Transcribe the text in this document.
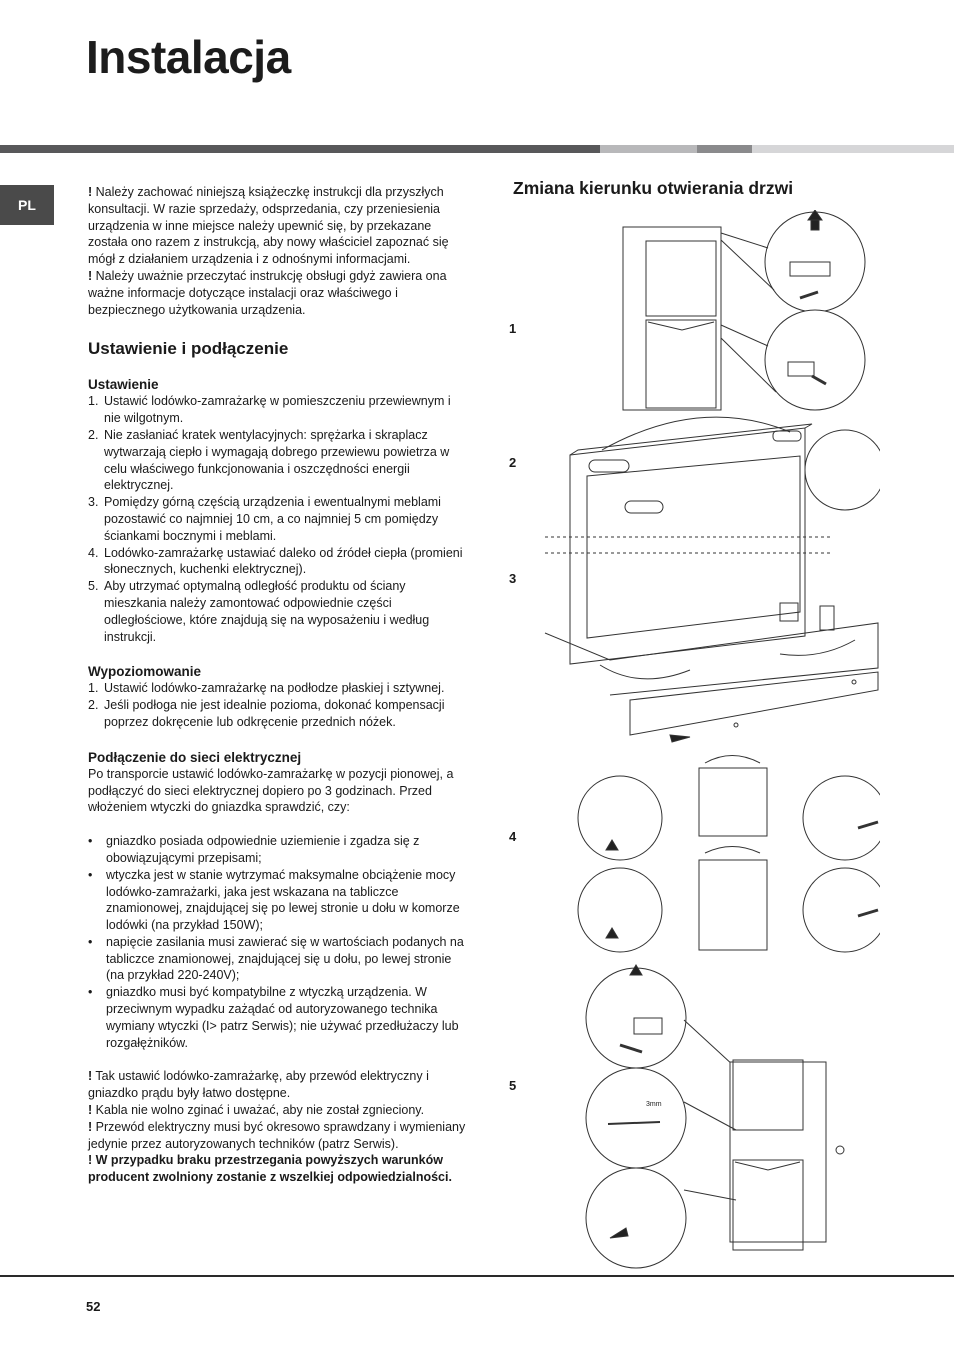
Instalacja
PL

! Należy zachować niniejszą książeczkę instrukcji dla przyszłych konsultacji. W razie sprzedaży, odsprzedania, czy przeniesienia urządzenia w inne miejsce należy upewnić się, by przekazane została ono razem z instrukcją, aby nowy właściciel zapoznać się mógł z działaniem urządzenia i z odnośnymi informacjami.

! Należy uważnie przeczytać instrukcję obsługi gdyż zawiera ona ważne informacje dotyczące instalacji oraz właściwego i bezpiecznego użytkowania urządzenia.

Ustawienie i podłączenie
Ustawienie
1. Ustawić lodówko-zamrażarkę w pomieszczeniu przewiewnym i nie wilgotnym.
2. Nie zasłaniać kratek wentylacyjnych: sprężarka i skraplacz wytwarzają ciepło i wymagają dobrego przewiewu powietrza w celu właściwego funkcjonowania i oszczędności energii elektrycznej.
3. Pomiędzy górną częścią urządzenia i ewentualnymi meblami pozostawić co najmniej 10 cm, a co najmniej 5 cm pomiędzy ściankami bocznymi i meblami.
4. Lodówko-zamrażarkę ustawiać daleko od źródeł ciepła (promieni słonecznych, kuchenki elektrycznej).
5. Aby utrzymać optymalną odległość produktu od ściany mieszkania należy zamontować odpowiednie części odległościowe, które znajdują się na wyposażeniu i według instrukcji.
Wypoziomowanie
1. Ustawić lodówko-zamrażarkę na podłodze płaskiej i sztywnej.
2. Jeśli podłoga nie jest idealnie pozioma, dokonać kompensacji poprzez dokręcenie lub odkręcenie przednich nóżek.
Podłączenie do sieci elektrycznej

Po transporcie ustawić lodówko-zamrażarkę w pozycji pionowej, a podłączyć do sieci elektrycznej dopiero po 3 godzinach. Przed włożeniem wtyczki do gniazdka sprawdzić, czy:

•	gniazdko posiada odpowiednie uziemienie i zgadza się z obowiązującymi przepisami;
•	wtyczka jest w stanie wytrzymać maksymalne obciążenie mocy lodówko-zamrażarki, jaka jest wskazana na tabliczce znamionowej, znajdującej się po lewej stronie u dołu w komorze lodówki (na przykład 150W);
•	napięcie zasilania musi zawierać się w wartościach podanych na tabliczce znamionowej, znajdującej się u dołu, po lewej stronie (na przykład 220-240V);
•	gniazdko musi być kompatybilne z wtyczką urządzenia. W przeciwnym wypadku zażądać od autoryzowanego technika wymiany wtyczki (I> patrz Serwis); nie używać przedłużaczy lub rozgałężników.

! Tak ustawić lodówko-zamrażarkę, aby przewód elektryczny i gniazdko prądu były łatwo dostępne.

! Kabla nie wolno zginać i uważać, aby nie został zgnieciony.

! Przewód elektryczny musi być okresowo sprawdzany i wymieniany jedynie przez autoryzowanych techników (patrz Serwis).

! W przypadku braku przestrzegania powyższych warunków producent zwolniony zostanie z wszelkiej odpowiedzialności.

Zmiana kierunku otwierania drzwi
1
2
3
4
5
3mm
52
